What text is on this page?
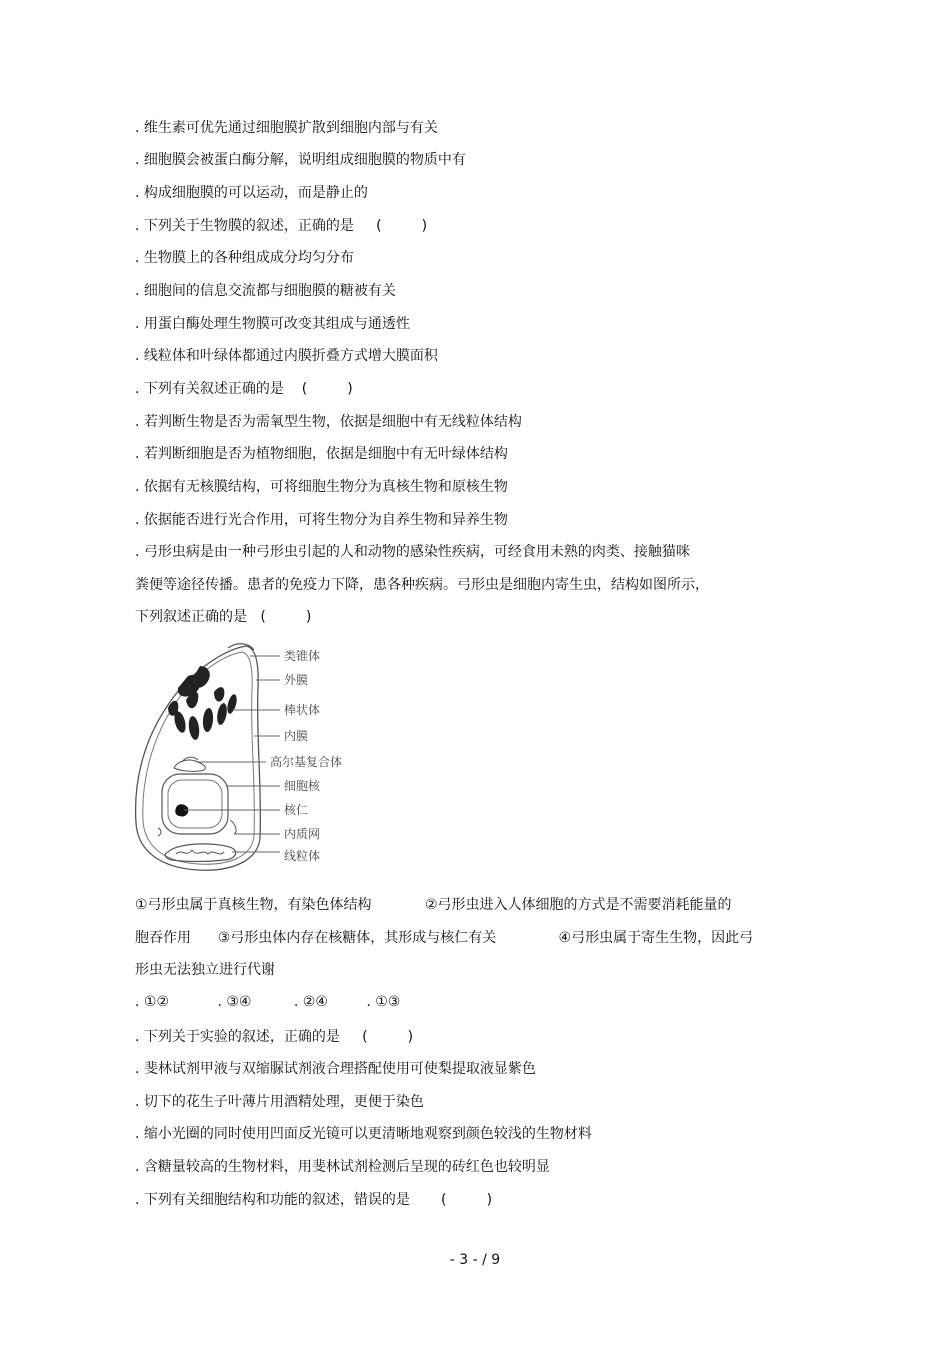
. 维生素可优先通过细胞膜扩散到细胞内部与有关
. 细胞膜会被蛋白酶分解，说明组成细胞膜的物质中有
. 构成细胞膜的可以运动，而是静止的
. 下列关于生物膜的叙述，正确的是     (         )
. 生物膜上的各种组成成分均匀分布
. 细胞间的信息交流都与细胞膜的糖被有关
. 用蛋白酶处理生物膜可改变其组成与通透性
. 线粒体和叶绿体都通过内膜折叠方式增大膜面积
. 下列有关叙述正确的是    (         )
. 若判断生物是否为需氧型生物，依据是细胞中有无线粒体结构
. 若判断细胞是否为植物细胞，依据是细胞中有无叶绿体结构
. 依据有无核膜结构，可将细胞生物分为真核生物和原核生物
. 依据能否进行光合作用，可将生物分为自养生物和异养生物
. 弓形虫病是由一种弓形虫引起的人和动物的感染性疾病，可经食用未熟的肉类、接触猫咪
粪便等途径传播。患者的免疫力下降，患各种疾病。弓形虫是细胞内寄生虫，结构如图所示，
下列叙述正确的是   (         )
类锥体
外膜
棒状体
内膜
高尔基复合体
细胞核
核仁
内质网
线粒体
①弓形虫属于真核生物，有染色体结构            ②弓形虫进入人体细胞的方式是不需要消耗能量的
胞吞作用      ③弓形虫体内存在核糖体，其形成与核仁有关              ④弓形虫属于寄生生物，因此弓
形虫无法独立进行代谢
. ①②	. ③④	. ②④	. ①③
. 下列关于实验的叙述，正确的是     (         )
. 斐林试剂甲液与双缩脲试剂液合理搭配使用可使梨提取液显紫色
. 切下的花生子叶薄片用酒精处理，更便于染色
. 缩小光圈的同时使用凹面反光镜可以更清晰地观察到颜色较浅的生物材料
. 含糖量较高的生物材料，用斐林试剂检测后呈现的砖红色也较明显
. 下列有关细胞结构和功能的叙述，错误的是       (         )
- 3 - / 9
